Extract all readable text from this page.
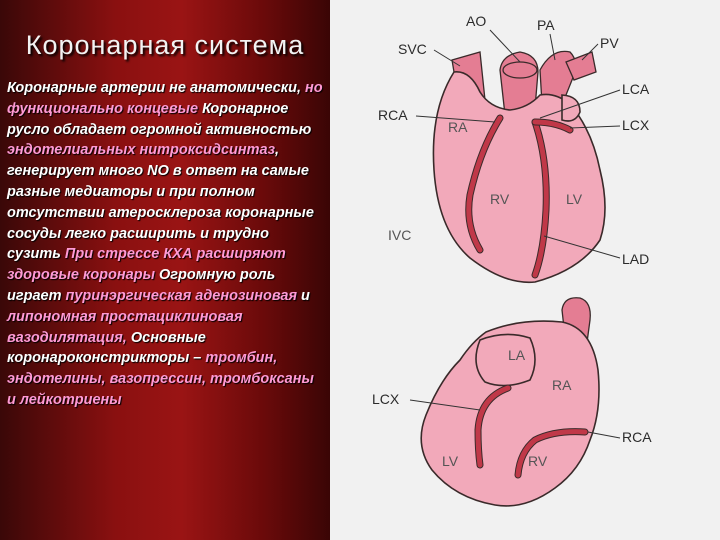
Коронарная система
Коронарные артерии не анатомически, но функционально концевые Коронарное русло обладает огромной активностью эндотелиальных нитроксидсинтаз, генерирует много NO в ответ на самые разные медиаторы и при полном отсутствии атеросклероза коронарные сосуды легко расширить и трудно сузить При стрессе КХА расширяют здоровые коронары Огромную роль играет пуринэргическая аденозиновая и липономная простациклиновая вазодилятация, Основные коронароконстрикторы – тромбин, эндотелины, вазопрессин, тромбоксаны и лейкотриены
AO	PA
SVC	PV
RCA
LCA
RA	LCX
RV	LV
IVC
LAD
LA
LCX
RA
LV	RV
RCA
